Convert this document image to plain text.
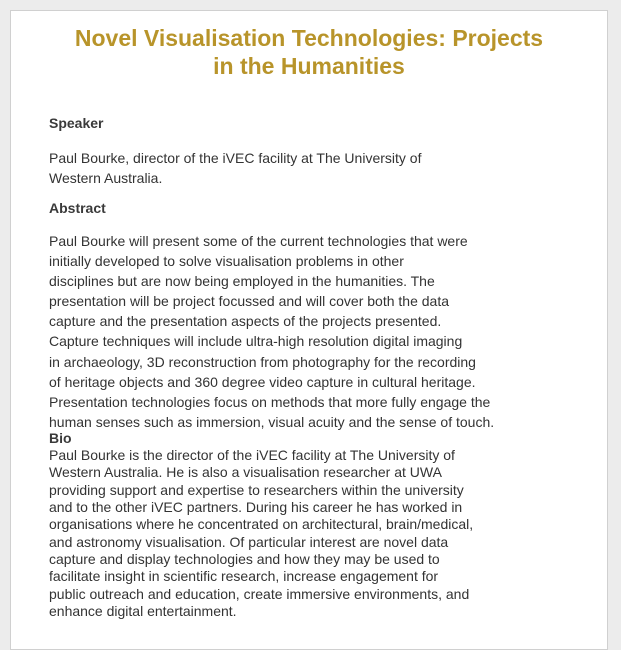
Novel Visualisation Technologies: Projects
in the Humanities
Speaker

Paul Bourke, director of the iVEC facility at The University of
Western Australia.

Abstract

Paul Bourke will present some of the current technologies that were
initially developed to solve visualisation problems in other
disciplines but are now being employed in the humanities. The
presentation will be project focussed and will cover both the data
capture and the presentation aspects of the projects presented.
Capture techniques will include ultra-high resolution digital imaging
in archaeology, 3D reconstruction from photography for the recording
of heritage objects and 360 degree video capture in cultural heritage.
Presentation technologies focus on methods that more fully engage the
human senses such as immersion, visual acuity and the sense of touch.

Bio

Paul Bourke is the director of the iVEC facility at The University of
Western Australia. He is also a visualisation researcher at UWA
providing support and expertise to researchers within the university
and to the other iVEC partners. During his career he has worked in
organisations where he concentrated on architectural, brain/medical,
and astronomy visualisation. Of particular interest are novel data
capture and display technologies and how they may be used to
facilitate insight in scientific research, increase engagement for
public outreach and education, create immersive environments, and
enhance digital entertainment.
